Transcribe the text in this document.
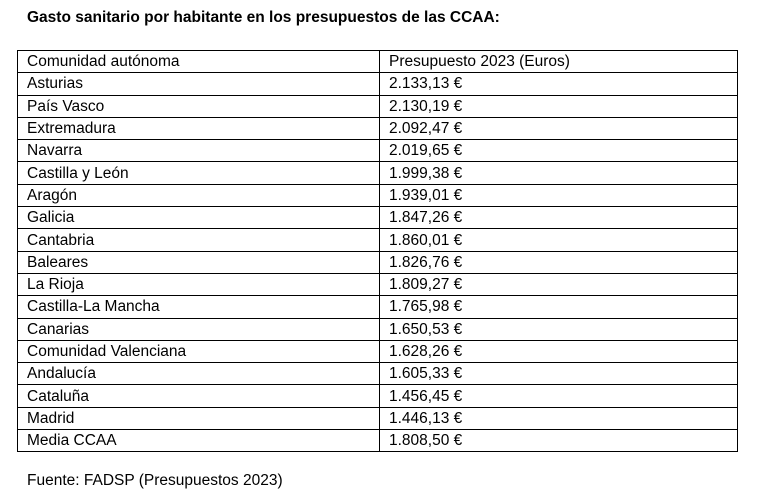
Gasto sanitario por habitante en los presupuestos de las CCAA:
Comunidad autónoma	Presupuesto 2023 (Euros)
Asturias	2.133,13 €
País Vasco	2.130,19 €
Extremadura	2.092,47 €
Navarra	2.019,65 €
Castilla y León	1.999,38 €
Aragón	1.939,01 €
Galicia	1.847,26 €
Cantabria	1.860,01 €
Baleares	1.826,76 €
La Rioja	1.809,27 €
Castilla-La Mancha	1.765,98 €
Canarias	1.650,53 €
Comunidad Valenciana	1.628,26 €
Andalucía	1.605,33 €
Cataluña	1.456,45 €
Madrid	1.446,13 €
Media CCAA	1.808,50 €
Fuente: FADSP (Presupuestos 2023)
